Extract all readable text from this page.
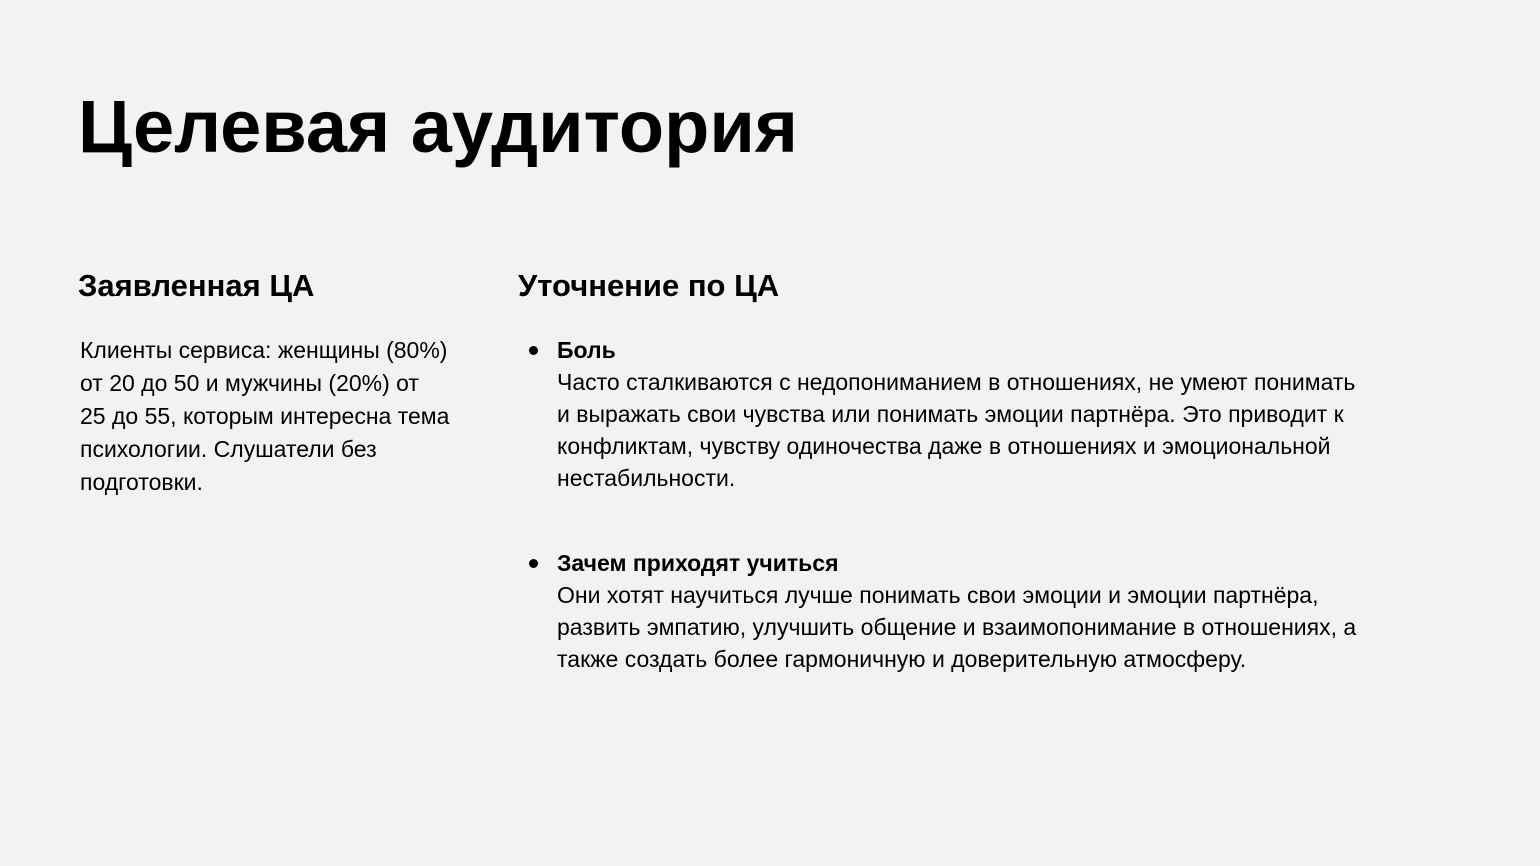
Целевая аудитория
Заявленная ЦА

Клиенты сервиса: женщины (80%) от 20 до 50 и мужчины (20%) от 25 до 55, которым интересна тема психологии. Слушатели без подготовки.

Уточнение по ЦА
Боль
Часто сталкиваются с недопониманием в отношениях, не умеют понимать и выражать свои чувства или понимать эмоции партнёра. Это приводит к конфликтам, чувству одиночества даже в отношениях и эмоциональной нестабильности.
Зачем приходят учиться
Они хотят научиться лучше понимать свои эмоции и эмоции партнёра, развить эмпатию, улучшить общение и взаимопонимание в отношениях, а также создать более гармоничную и доверительную атмосферу.
